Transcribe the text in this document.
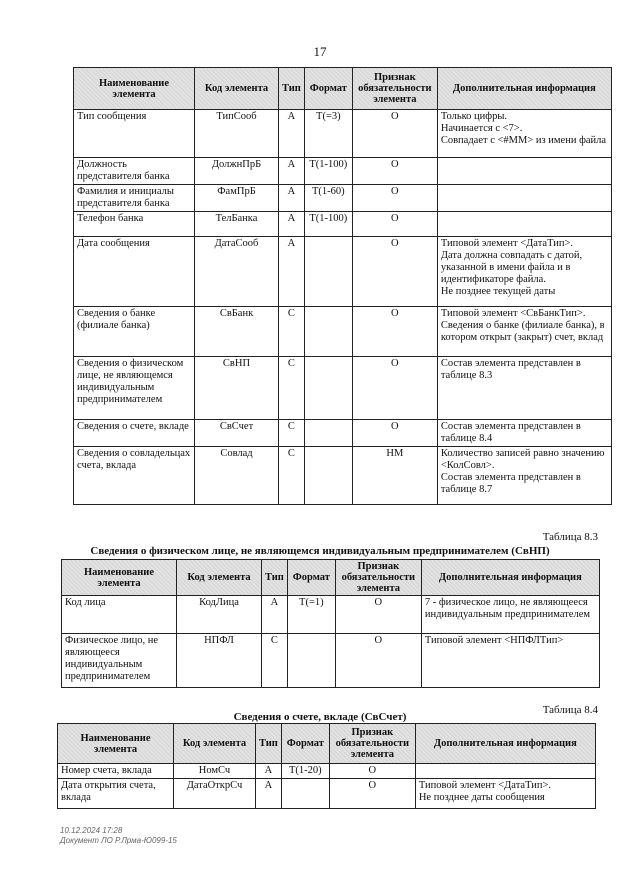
17
Наименование элемента	Код элемента	Тип	Формат	Признак обязательности элемента	Дополнительная информация
Тип сообщения	ТипСооб	А	Т(=3)	О	Только цифры.
Начинается с <7>.
Совпадает с <#ММ> из имени файла
Должность представителя банка	ДолжнПрБ	А	Т(1-100)	О	
Фамилия и инициалы представителя банка	ФамПрБ	А	Т(1-60)	О	
Телефон банка	ТелБанка	А	Т(1-100)	О	
Дата сообщения	ДатаСооб	А		О	Типовой элемент <ДатаТип>.
Дата должна совпадать с датой, указанной в имени файла и в идентификаторе файла.
Не позднее текущей даты
Сведения о банке (филиале банка)	СвБанк	С		О	Типовой элемент <СвБанкТип>.
Сведения о банке (филиале банка), в котором открыт (закрыт) счет, вклад
Сведения о физическом лице, не являющемся индивидуальным предпринимателем	СвНП	С		О	Состав элемента представлен в таблице 8.3
Сведения о счете, вкладе	СвСчет	С		О	Состав элемента представлен в таблице 8.4
Сведения о совладельцах счета, вклада	Совлад	С		НМ	Количество записей равно значению <КолСовл>.
Состав элемента представлен в таблице 8.7
Таблица 8.3
Сведения о физическом лице, не являющемся индивидуальным предпринимателем (СвНП)
Наименование элемента	Код элемента	Тип	Формат	Признак обязательности элемента	Дополнительная информация
Код лица	КодЛица	А	Т(=1)	О	7 - физическое лицо, не являющееся индивидуальным предпринимателем
Физическое лицо, не являющееся индивидуальным предпринимателем	НПФЛ	С		О	Типовой элемент <НПФЛТип>
Таблица 8.4
Сведения о счете, вкладе (СвСчет)
Наименование элемента	Код элемента	Тип	Формат	Признак обязательности элемента	Дополнительная информация
Номер счета, вклада	НомСч	А	Т(1-20)	О	
Дата открытия счета, вклада	ДатаОткрСч	А		О	Типовой элемент <ДатаТип>.
Не позднее даты сообщения
10.12.2024 17:28
Документ ЛО Р.Лрма-Ю099-15
